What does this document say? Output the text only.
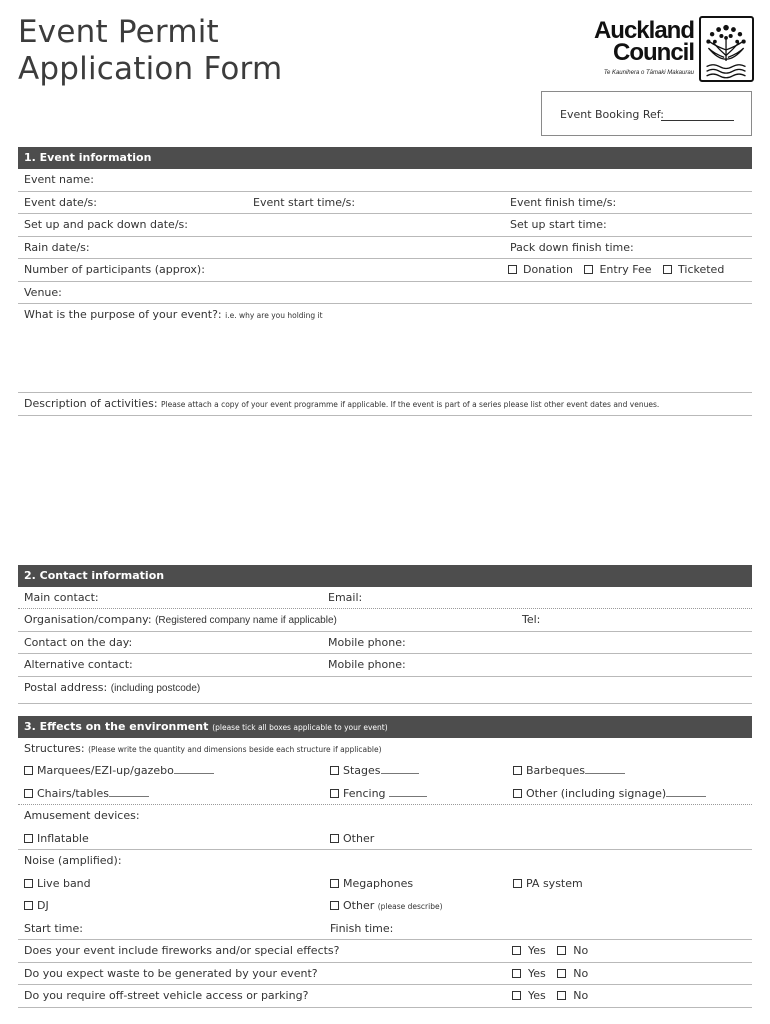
Event Permit
Application Form
Auckland
Council
Te Kaunihera o Tāmaki Makaurau
Event Booking Ref:
1. Event information
Event name:
Event date/s:	Event start time/s:	Event finish time/s:
Set up and pack down date/s:	Set up start time:
Rain date/s:	Pack down finish time:
Number of participants (approx):	Donation Entry Fee Ticketed
Venue:
What is the purpose of your event?: i.e. why are you holding it
Description of activities: Please attach a copy of your event programme if applicable. If the event is part of a series please list other event dates and venues.
2. Contact information
Main contact:	Email:
Organisation/company: (Registered company name if applicable)	Tel:
Contact on the day:	Mobile phone:
Alternative contact:	Mobile phone:
Postal address: (including postcode)
3. Effects on the environment (please tick all boxes applicable to your event)
Structures: (Please write the quantity and dimensions beside each structure if applicable)
Marquees/EZI-up/gazebo	Stages	Barbeques
Chairs/tables	Fencing	Other (including signage)
Amusement devices:
Inflatable	Other
Noise (amplified):
Live band	Megaphones	PA system
DJ	Other (please describe)
Start time:	Finish time:
Does your event include fireworks and/or special effects?	Yes	No
Do you expect waste to be generated by your event?	Yes	No
Do you require off-street vehicle access or parking?	Yes	No
